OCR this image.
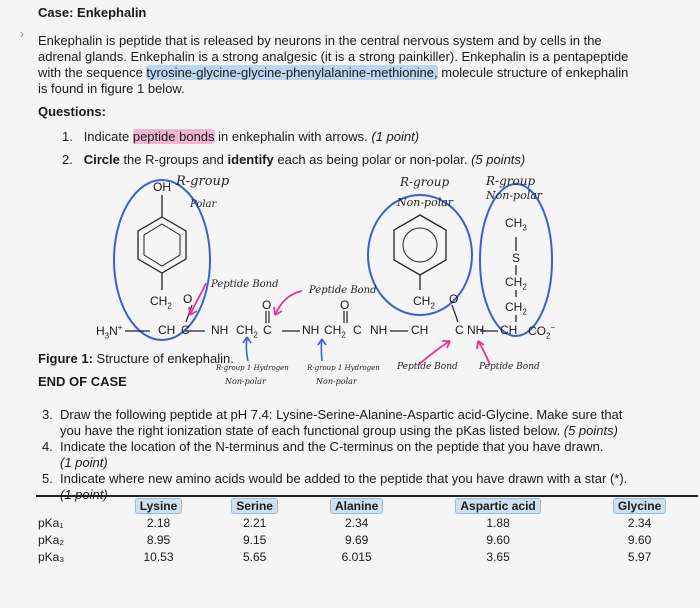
Case: Enkephalin
› Enkephalin is peptide that is released by neurons in the central nervous system and by cells in the
adrenal glands. Enkephalin is a strong analgesic (it is a strong painkiller). Enkephalin is a pentapeptide
with the sequence tyrosine-glycine-glycine-phenylalanine-methionine, molecule structure of enkephalin
is found in figure 1 below.
Questions:
1. Indicate peptide bonds in enkephalin with arrows. (1 point)
2. Circle the R-groups and identify each as being polar or non-polar. (5 points)
OH
$CH_3$
S
$CH_2$
$CH_2$
$CH_2$	$CH_2$
O	O	O	O
$H_3N^+$	CH C NH $CH_2$ C	NH $CH_2$ C NH CH C NH CH $CO_2^-$
R-group
Polar
R-group
Non-polar
R-group
Non-polar
Peptide Bond
Peptide Bond
Peptide Bond Peptide Bond
R-group 1 Hydrogen
Non-polar
R-group 1 Hydrogen
Non-polar
Figure 1: Structure of enkephalin.
END OF CASE
3. Draw the following peptide at pH 7.4: Lysine-Serine-Alanine-Aspartic acid-Glycine. Make sure that
you have the right ionization state of each functional group using the pKas listed below. (5 points)
4. Indicate the location of the N-terminus and the C-terminus on the peptide that you have drawn.
(1 point)
5. Indicate where new amino acids would be added to the peptide that you have drawn with a star (*).
	Lysine	Serine	Alanine	Aspartic acid	Glycine
pKa₁	2.18	2.21	2.34	1.88	2.34
pKa₂	8.95	9.15	9.69	9.60	9.60
pKa₃	10.53	5.65	6.015	3.65	5.97
